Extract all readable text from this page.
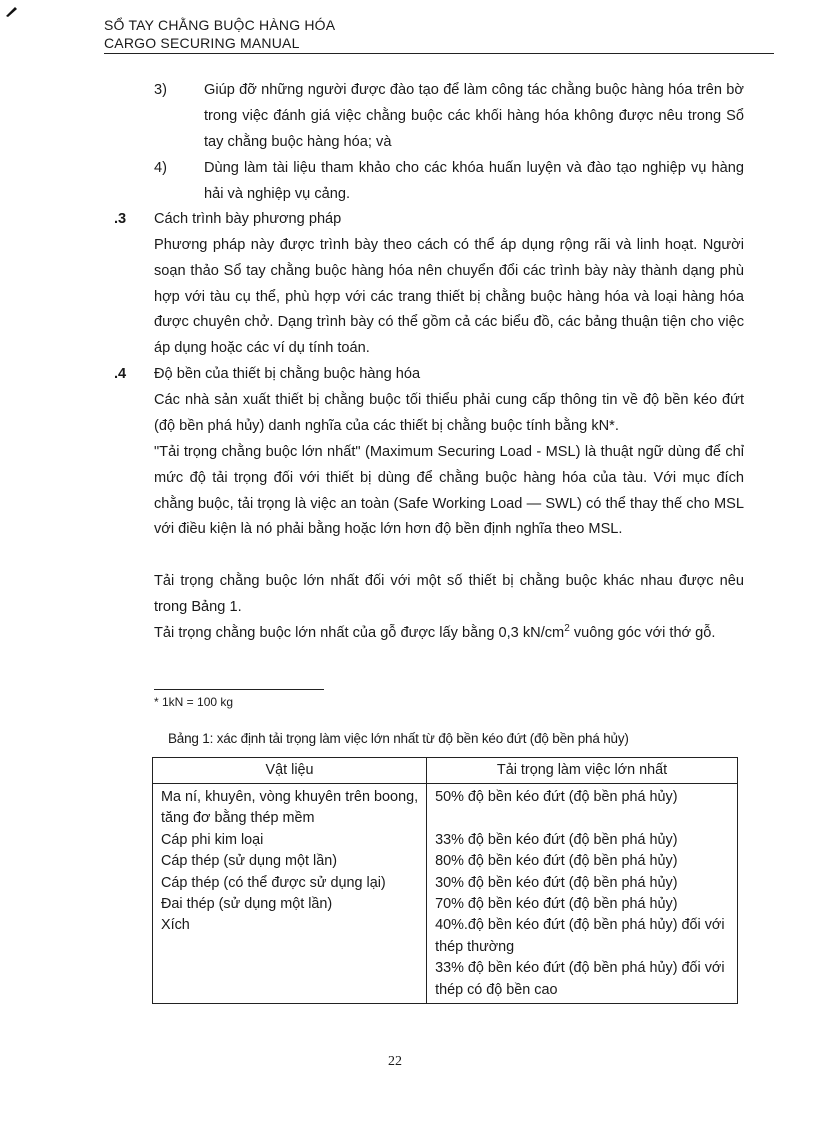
SỔ TAY CHẰNG BUỘC HÀNG HÓA
CARGO SECURING MANUAL
3)	Giúp đỡ những người được đào tạo để làm công tác chằng buộc hàng hóa trên bờ trong việc đánh giá việc chằng buộc các khối hàng hóa không được nêu trong Sổ tay chằng buộc hàng hóa; và
4)	Dùng làm tài liệu tham khảo cho các khóa huấn luyện và đào tạo nghiệp vụ hàng hải và nghiệp vụ cảng.
.3 Cách trình bày phương pháp
Phương pháp này được trình bày theo cách có thể áp dụng rộng rãi và linh hoạt. Người soạn thảo Sổ tay chằng buộc hàng hóa nên chuyển đổi các trình bày này thành dạng phù hợp với tàu cụ thể, phù hợp với các trang thiết bị chằng buộc hàng hóa và loại hàng hóa được chuyên chở. Dạng trình bày có thể gồm cả các biểu đồ, các bảng thuận tiện cho việc áp dụng hoặc các ví dụ tính toán.
.4 Độ bền của thiết bị chằng buộc hàng hóa
Các nhà sản xuất thiết bị chằng buộc tối thiểu phải cung cấp thông tin về độ bền kéo đứt (độ bền phá hủy) danh nghĩa của các thiết bị chằng buộc tính bằng kN*.
"Tải trọng chằng buộc lớn nhất" (Maximum Securing Load - MSL) là thuật ngữ dùng để chỉ mức độ tải trọng đối với thiết bị dùng để chằng buộc hàng hóa của tàu. Với mục đích chằng buộc, tải trọng là việc an toàn (Safe Working Load — SWL) có thể thay thế cho MSL với điều kiện là nó phải bằng hoặc lớn hơn độ bền định nghĩa theo MSL.
Tải trọng chằng buộc lớn nhất đối với một số thiết bị chằng buộc khác nhau được nêu trong Bảng 1.
Tải trọng chằng buộc lớn nhất của gỗ được lấy bằng 0,3 $kN/cm^2$ vuông góc với thớ gỗ.
* 1kN = 100 kg
Bảng 1: xác định tải trọng làm việc lớn nhất từ độ bền kéo đứt (độ bền phá hủy)
Vật liệu	Tải trọng làm việc lớn nhất
Ma ní, khuyên, vòng khuyên trên boong, tăng đơ bằng thép mềm	50% độ bền kéo đứt (độ bền phá hủy)
Cáp phi kim loại	33% độ bền kéo đứt (độ bền phá hủy)
Cáp thép (sử dụng một lần)	80% độ bền kéo đứt (độ bền phá hủy)
Cáp thép (có thể được sử dụng lại)	30% độ bền kéo đứt (độ bền phá hủy)
Đai thép (sử dụng một lần)	70% độ bền kéo đứt (độ bền phá hủy)
Xích	40%.độ bền kéo đứt (độ bền phá hủy) đối với thép thường
	33% độ bền kéo đứt (độ bền phá hủy) đối với thép có độ bền cao
22
